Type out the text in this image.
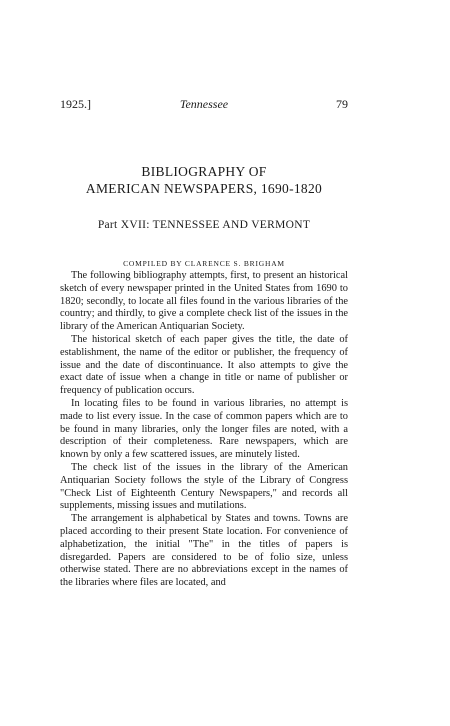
1925.]	Tennessee	79
BIBLIOGRAPHY OF
AMERICAN NEWSPAPERS, 1690-1820
Part XVII: TENNESSEE AND VERMONT
COMPILED BY CLARENCE S. BRIGHAM

The following bibliography attempts, first, to present an historical sketch of every newspaper printed in the United States from 1690 to 1820; secondly, to locate all files found in the various libraries of the country; and thirdly, to give a complete check list of the issues in the library of the American Antiquarian Society.

The historical sketch of each paper gives the title, the date of establishment, the name of the editor or publisher, the frequency of issue and the date of discontinuance. It also attempts to give the exact date of issue when a change in title or name of publisher or frequency of publication occurs.

In locating files to be found in various libraries, no attempt is made to list every issue. In the case of common papers which are to be found in many libraries, only the longer files are noted, with a description of their completeness. Rare newspapers, which are known by only a few scattered issues, are minutely listed.

The check list of the issues in the library of the American Antiquarian Society follows the style of the Library of Congress "Check List of Eighteenth Century Newspapers," and records all supplements, missing issues and mutilations.

The arrangement is alphabetical by States and towns. Towns are placed according to their present State location. For convenience of alphabetization, the initial "The" in the titles of papers is disregarded. Papers are considered to be of folio size, unless otherwise stated. There are no abbreviations except in the names of the libraries where files are located, and
